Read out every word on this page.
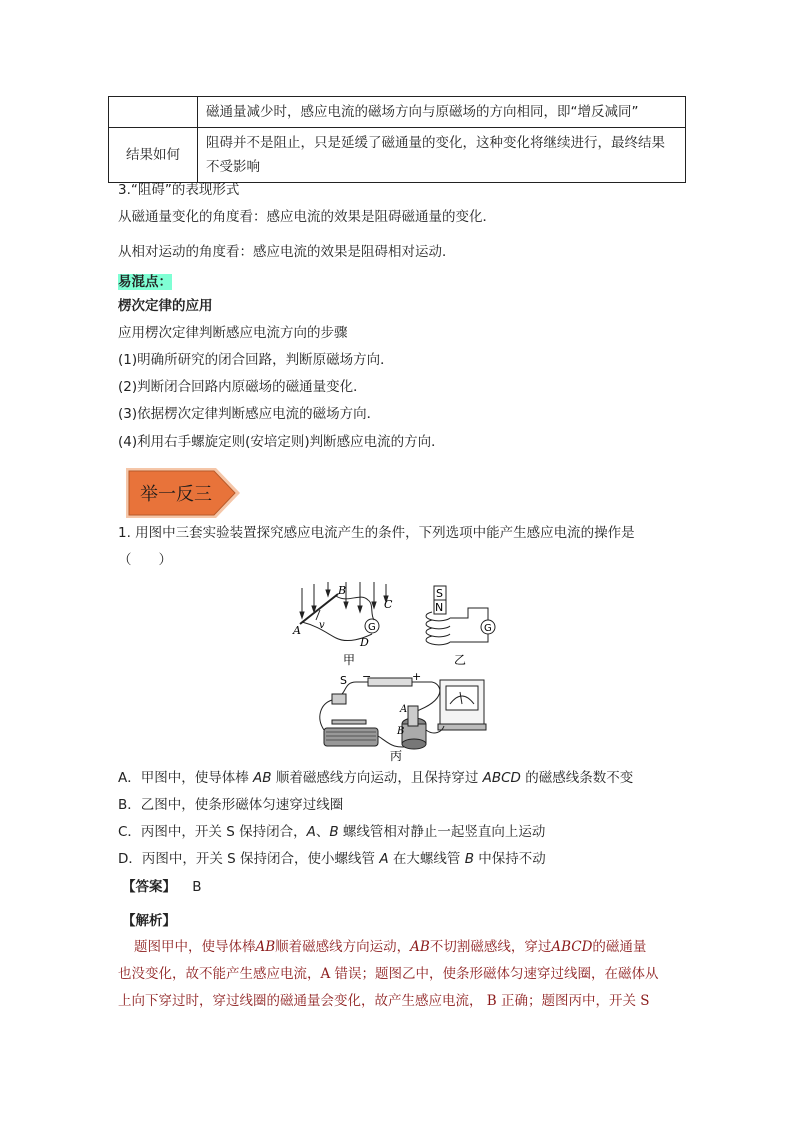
	磁通量减少时，感应电流的磁场方向与原磁场的方向相同，即“增反减同”
结果如何	阻碍并不是阻止，只是延缓了磁通量的变化，这种变化将继续进行，最终结果
不受影响
3.“阻碍”的表现形式
从磁通量变化的角度看：感应电流的效果是阻碍磁通量的变化．
从相对运动的角度看：感应电流的效果是阻碍相对运动．
易混点：
楞次定律的应用
应用楞次定律判断感应电流方向的步骤
(1)明确所研究的闭合回路，判断原磁场方向．
(2)判断闭合回路内原磁场的磁通量变化．
(3)依据楞次定律判断感应电流的磁场方向．
(4)利用右手螺旋定则(安培定则)判断感应电流的方向．
举一反三
1. 用图中三套实验装置探究感应电流产生的条件，下列选项中能产生感应电流的操作是
（　　）
A
B
C
D
v	G
甲
S
N
G
乙
S −	+
A
B
丙
A．甲图中，使导体棒 AB 顺着磁感线方向运动，且保持穿过 ABCD 的磁感线条数不变
B．乙图中，使条形磁体匀速穿过线圈
C．丙图中，开关 S 保持闭合，A、B 螺线管相对静止一起竖直向上运动
D．丙图中，开关 S 保持闭合，使小螺线管 A 在大螺线管 B 中保持不动
【答案】 B
【解析】
题图甲中，使导体棒AB顺着磁感线方向运动，AB不切割磁感线，穿过ABCD的磁通量
也没变化，故不能产生感应电流，A 错误；题图乙中，使条形磁体匀速穿过线圈，在磁体从
上向下穿过时，穿过线圈的磁通量会变化，故产生感应电流， B 正确；题图丙中，开关 S
